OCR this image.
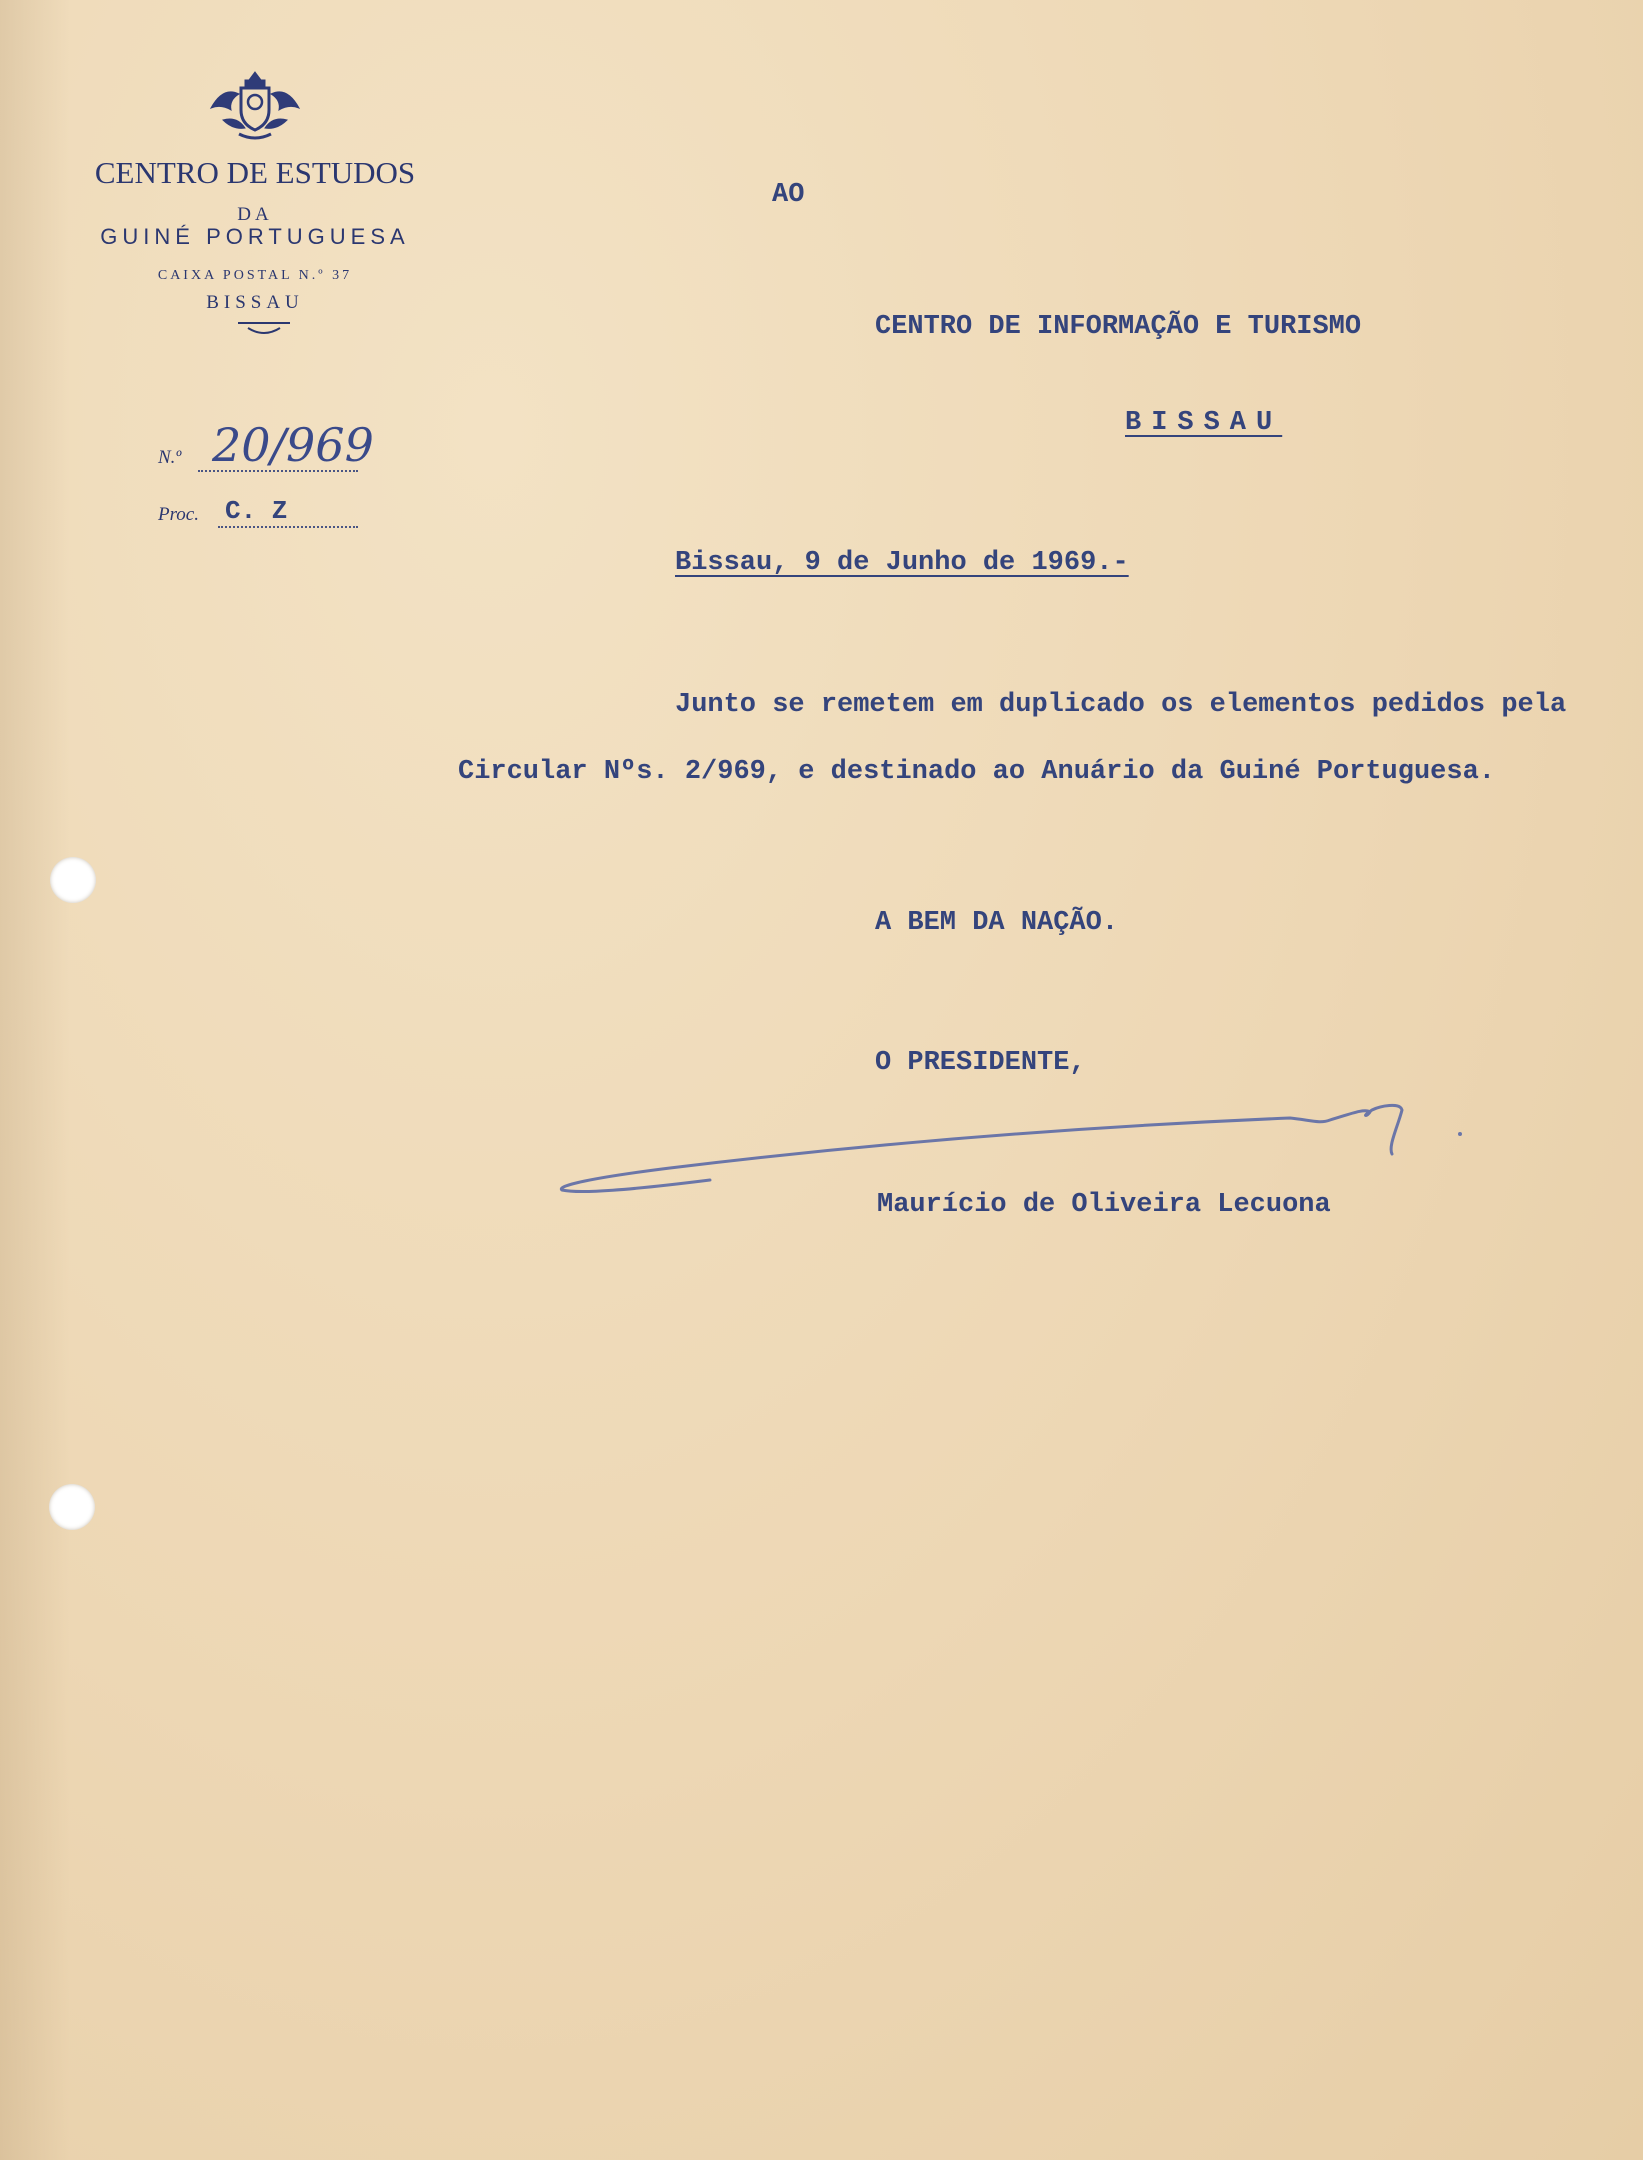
CENTRO DE ESTUDOS
DA
GUINÉ PORTUGUESA
CAIXA POSTAL N.º 37
BISSAU
N.º 20/969
Proc. C. Z
AO
CENTRO DE INFORMAÇÃO E TURISMO
BISSAU
Bissau, 9 de Junho de 1969.-
Junto se remetem em duplicado os elementos pedidos pela
Circular Nºs. 2/969, e destinado ao Anuário da Guiné Portuguesa.
A BEM DA NAÇÃO.
O PRESIDENTE,
Maurício de Oliveira Lecuona
